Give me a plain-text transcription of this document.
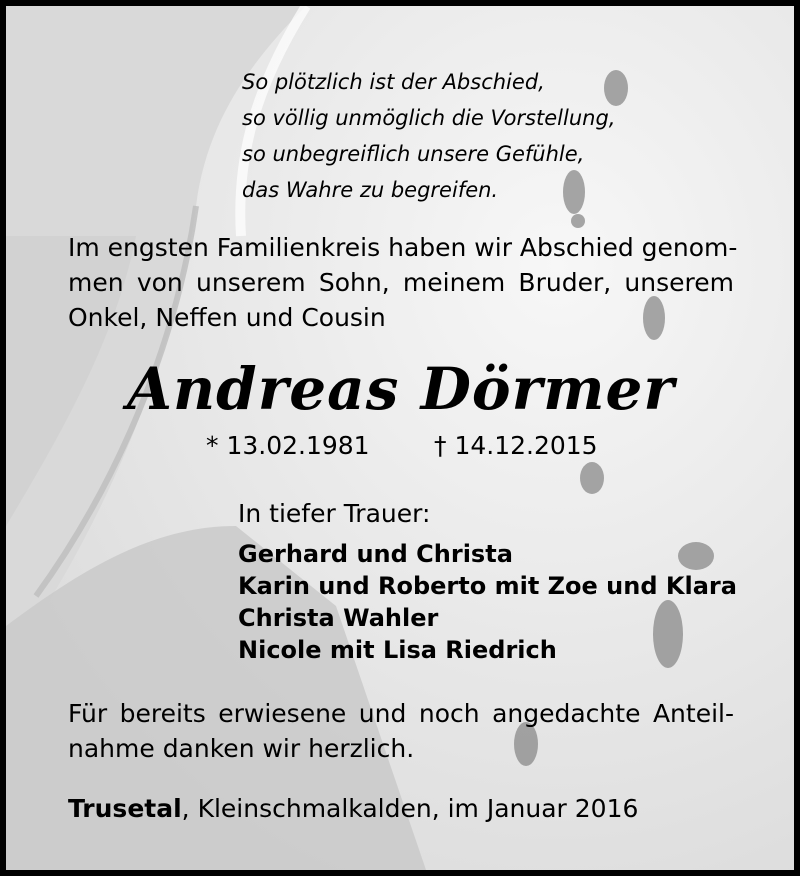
So plötzlich ist der Abschied,
so völlig unmöglich die Vorstellung,
so unbegreiflich unsere Gefühle,
das Wahre zu begreifen.
Im engsten Familienkreis haben wir Abschied genom-
men von unserem Sohn, meinem Bruder, unserem
Onkel, Neffen und Cousin
Andreas Dörmer
* 13.02.1981	† 14.12.2015
In tiefer Trauer:
Gerhard und Christa
Karin und Roberto mit Zoe und Klara
Christa Wahler
Nicole mit Lisa Riedrich
Für bereits erwiesene und noch angedachte Anteil-
nahme danken wir herzlich.
Trusetal, Kleinschmalkalden, im Januar 2016
